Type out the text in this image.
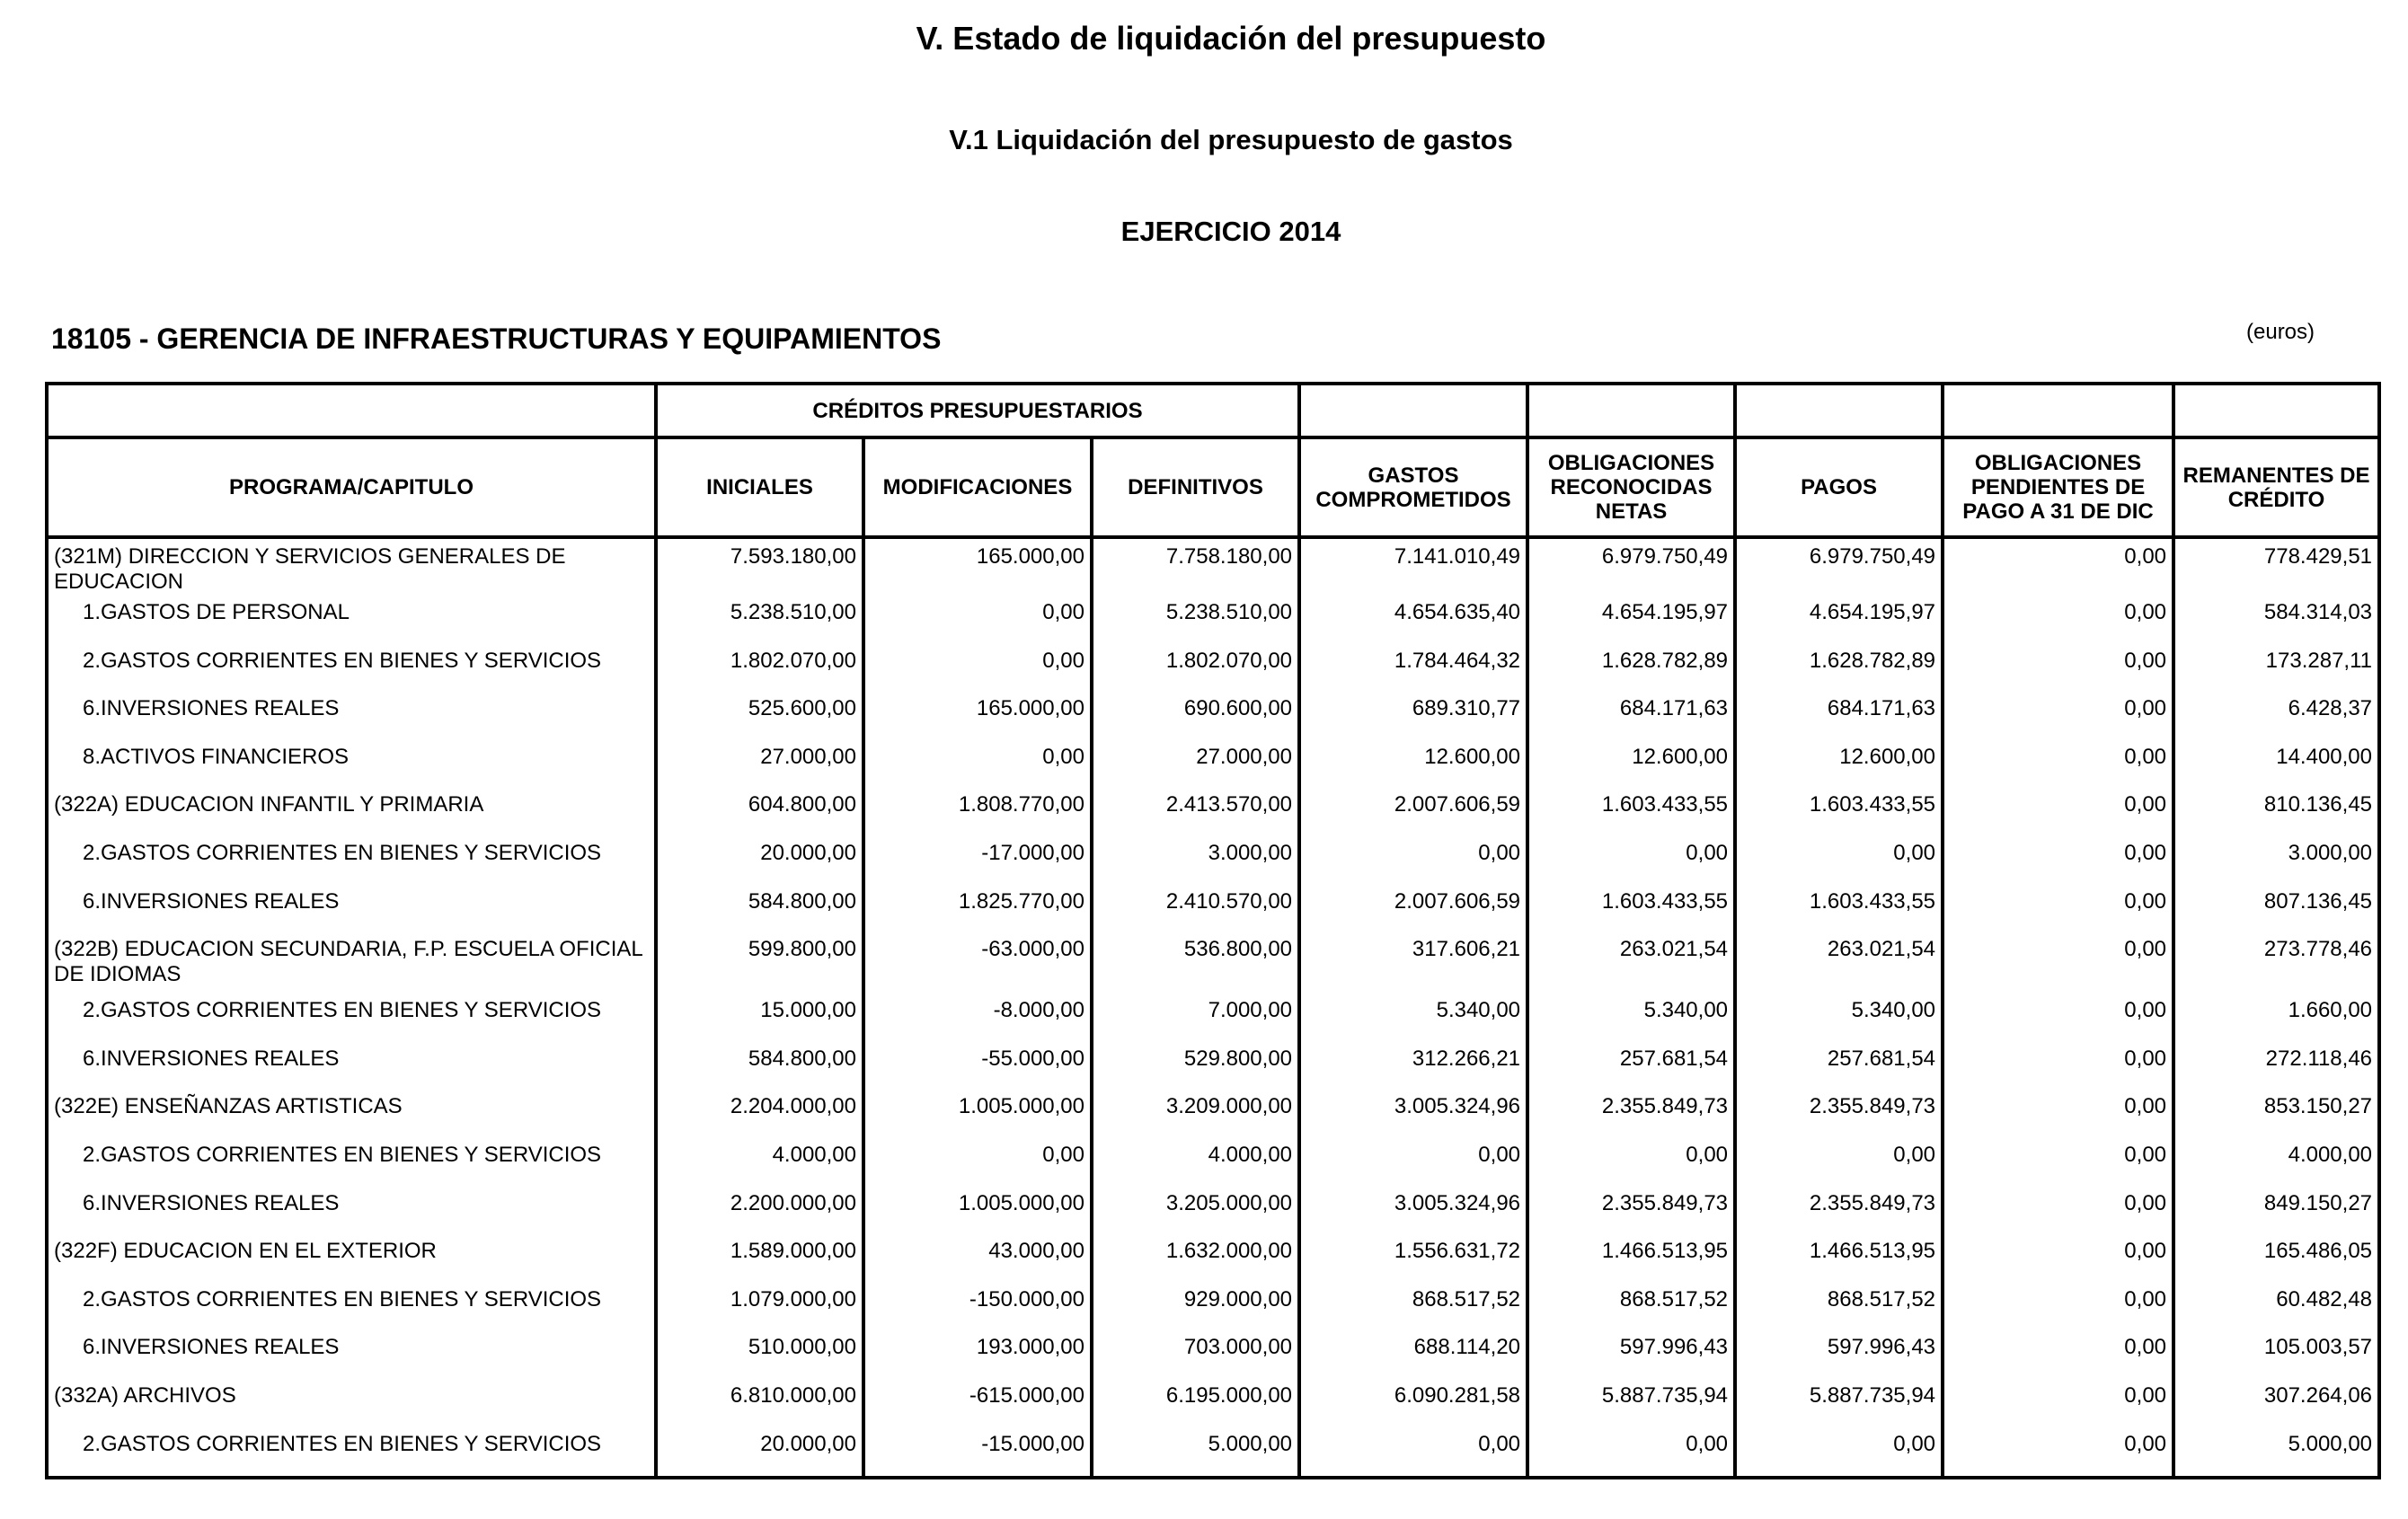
V. Estado de liquidación del presupuesto
V.1 Liquidación del presupuesto de gastos
EJERCICIO 2014
18105 - GERENCIA DE INFRAESTRUCTURAS Y EQUIPAMIENTOS	(euros)
	CRÉDITOS PRESUPUESTARIOS							
PROGRAMA/CAPITULO	INICIALES	MODIFICACIONES	DEFINITIVOS	GASTOS COMPROMETIDOS	OBLIGACIONES RECONOCIDAS NETAS	PAGOS	OBLIGACIONES PENDIENTES DE PAGO A 31 DE DIC	REMANENTES DE CRÉDITO
(321M) DIRECCION Y SERVICIOS GENERALES DE EDUCACION	7.593.180,00	165.000,00	7.758.180,00	7.141.010,49	6.979.750,49	6.979.750,49	0,00	778.429,51
1.GASTOS DE PERSONAL	5.238.510,00	0,00	5.238.510,00	4.654.635,40	4.654.195,97	4.654.195,97	0,00	584.314,03
2.GASTOS CORRIENTES EN BIENES Y SERVICIOS	1.802.070,00	0,00	1.802.070,00	1.784.464,32	1.628.782,89	1.628.782,89	0,00	173.287,11
6.INVERSIONES REALES	525.600,00	165.000,00	690.600,00	689.310,77	684.171,63	684.171,63	0,00	6.428,37
8.ACTIVOS FINANCIEROS	27.000,00	0,00	27.000,00	12.600,00	12.600,00	12.600,00	0,00	14.400,00
(322A) EDUCACION INFANTIL Y PRIMARIA	604.800,00	1.808.770,00	2.413.570,00	2.007.606,59	1.603.433,55	1.603.433,55	0,00	810.136,45
2.GASTOS CORRIENTES EN BIENES Y SERVICIOS	20.000,00	-17.000,00	3.000,00	0,00	0,00	0,00	0,00	3.000,00
6.INVERSIONES REALES	584.800,00	1.825.770,00	2.410.570,00	2.007.606,59	1.603.433,55	1.603.433,55	0,00	807.136,45
(322B) EDUCACION SECUNDARIA, F.P. ESCUELA OFICIAL DE IDIOMAS	599.800,00	-63.000,00	536.800,00	317.606,21	263.021,54	263.021,54	0,00	273.778,46
2.GASTOS CORRIENTES EN BIENES Y SERVICIOS	15.000,00	-8.000,00	7.000,00	5.340,00	5.340,00	5.340,00	0,00	1.660,00
6.INVERSIONES REALES	584.800,00	-55.000,00	529.800,00	312.266,21	257.681,54	257.681,54	0,00	272.118,46
(322E) ENSEÑANZAS ARTISTICAS	2.204.000,00	1.005.000,00	3.209.000,00	3.005.324,96	2.355.849,73	2.355.849,73	0,00	853.150,27
2.GASTOS CORRIENTES EN BIENES Y SERVICIOS	4.000,00	0,00	4.000,00	0,00	0,00	0,00	0,00	4.000,00
6.INVERSIONES REALES	2.200.000,00	1.005.000,00	3.205.000,00	3.005.324,96	2.355.849,73	2.355.849,73	0,00	849.150,27
(322F) EDUCACION EN EL EXTERIOR	1.589.000,00	43.000,00	1.632.000,00	1.556.631,72	1.466.513,95	1.466.513,95	0,00	165.486,05
2.GASTOS CORRIENTES EN BIENES Y SERVICIOS	1.079.000,00	-150.000,00	929.000,00	868.517,52	868.517,52	868.517,52	0,00	60.482,48
6.INVERSIONES REALES	510.000,00	193.000,00	703.000,00	688.114,20	597.996,43	597.996,43	0,00	105.003,57
(332A) ARCHIVOS	6.810.000,00	-615.000,00	6.195.000,00	6.090.281,58	5.887.735,94	5.887.735,94	0,00	307.264,06
2.GASTOS CORRIENTES EN BIENES Y SERVICIOS	20.000,00	-15.000,00	5.000,00	0,00	0,00	0,00	0,00	5.000,00
